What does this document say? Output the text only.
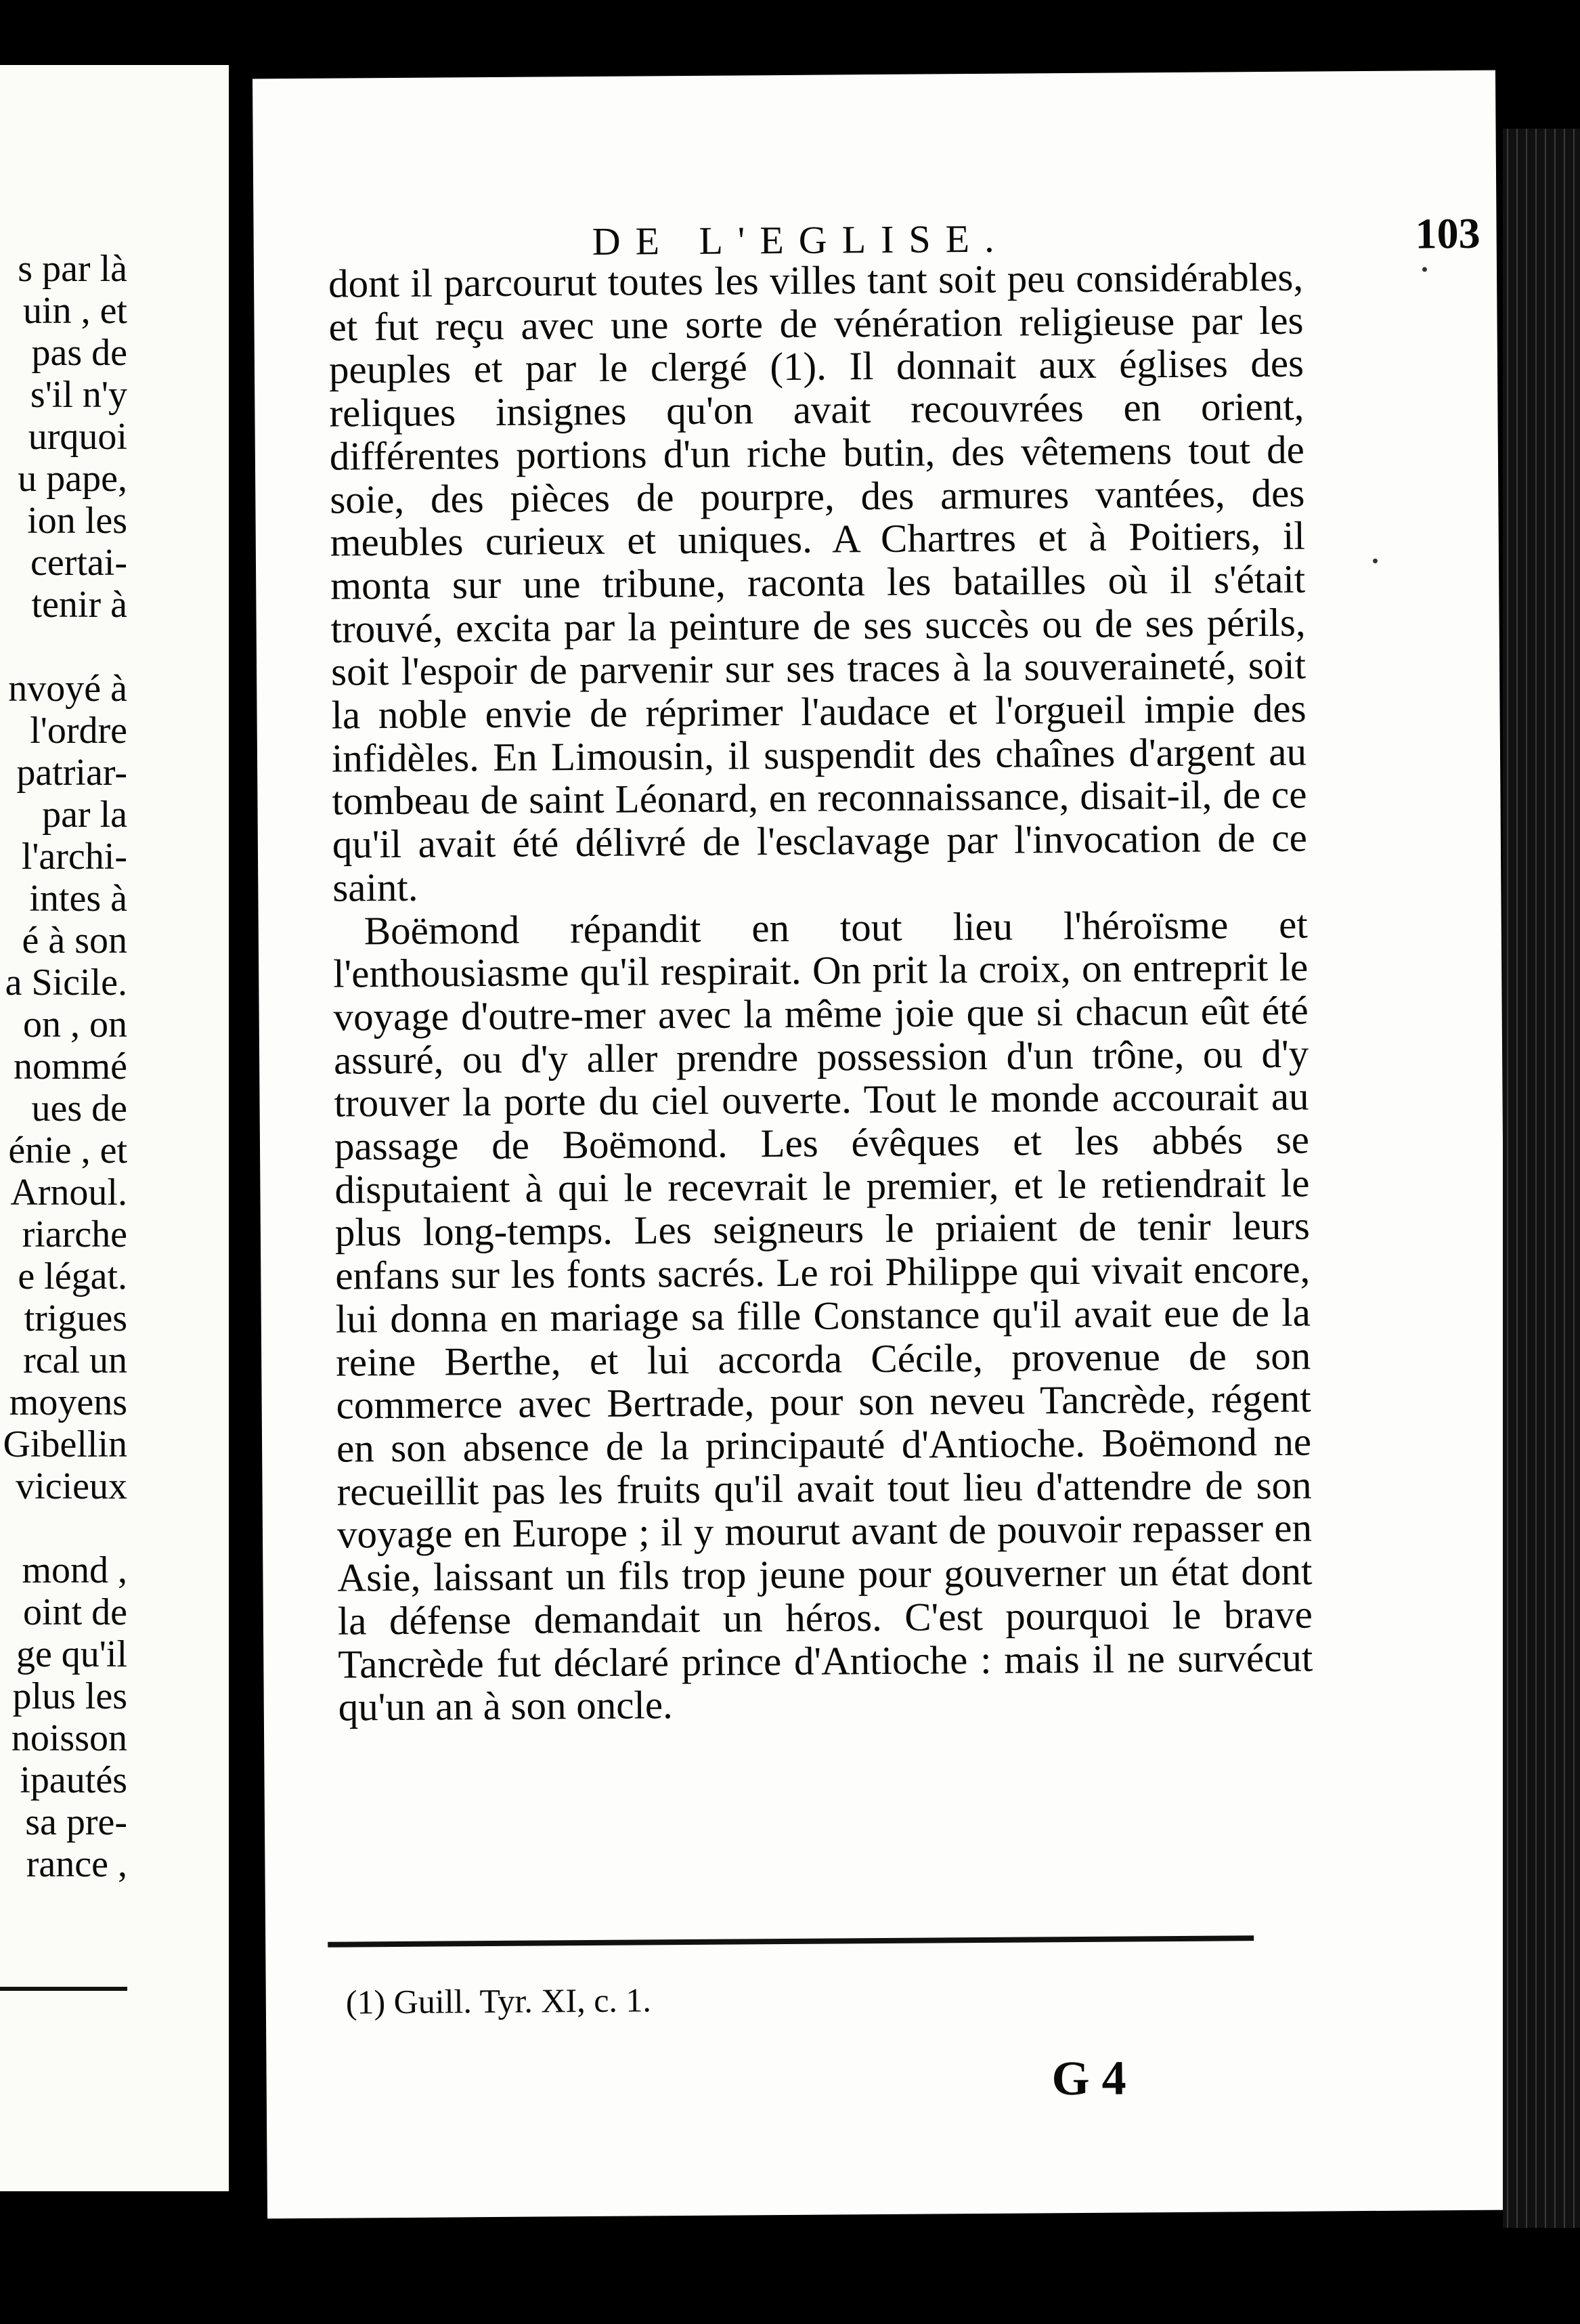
s par là
uin , et
pas de
s'il n'y
urquoi
u pape,
ion les
certai-
tenir à
nvoyé à
l'ordre
patriar-
par la
l'archi-
intes à
é à son
a Sicile.
on , on
nommé
ues de
énie , et
Arnoul.
riarche
e légat.
trigues
rcal un
moyens
Gibellin
vicieux
mond ,
oint de
ge qu'il
plus les
noisson
ipautés
sa pre-
rance ,
DE L'EGLISE.	103

dont il parcourut toutes les villes tant soit peu considérables, et fut reçu avec une sorte de vénération religieuse par les peuples et par le clergé (1). Il donnait aux églises des reliques insignes qu'on avait recouvrées en orient, différentes portions d'un riche butin, des vêtemens tout de soie, des pièces de pourpre, des armures vantées, des meubles curieux et uniques. A Chartres et à Poitiers, il monta sur une tribune, raconta les batailles où il s'était trouvé, excita par la peinture de ses succès ou de ses périls, soit l'espoir de parvenir sur ses traces à la souveraineté, soit la noble envie de réprimer l'audace et l'orgueil impie des infidèles. En Limousin, il suspendit des chaînes d'argent au tombeau de saint Léonard, en reconnaissance, disait-il, de ce qu'il avait été délivré de l'esclavage par l'invocation de ce saint.

Boëmond répandit en tout lieu l'héroïsme et l'enthousiasme qu'il respirait. On prit la croix, on entreprit le voyage d'outre-mer avec la même joie que si chacun eût été assuré, ou d'y aller prendre possession d'un trône, ou d'y trouver la porte du ciel ouverte. Tout le monde accourait au passage de Boëmond. Les évêques et les abbés se disputaient à qui le recevrait le premier, et le retiendrait le plus long-temps. Les seigneurs le priaient de tenir leurs enfans sur les fonts sacrés. Le roi Philippe qui vivait encore, lui donna en mariage sa fille Constance qu'il avait eue de la reine Berthe, et lui accorda Cécile, provenue de son commerce avec Bertrade, pour son neveu Tancrède, régent en son absence de la principauté d'Antioche. Boëmond ne recueillit pas les fruits qu'il avait tout lieu d'attendre de son voyage en Europe ; il y mourut avant de pouvoir repasser en Asie, laissant un fils trop jeune pour gouverner un état dont la défense demandait un héros. C'est pourquoi le brave Tancrède fut déclaré prince d'Antioche : mais il ne survécut qu'un an à son oncle.

(1) Guill. Tyr. XI, c. 1.
G 4
